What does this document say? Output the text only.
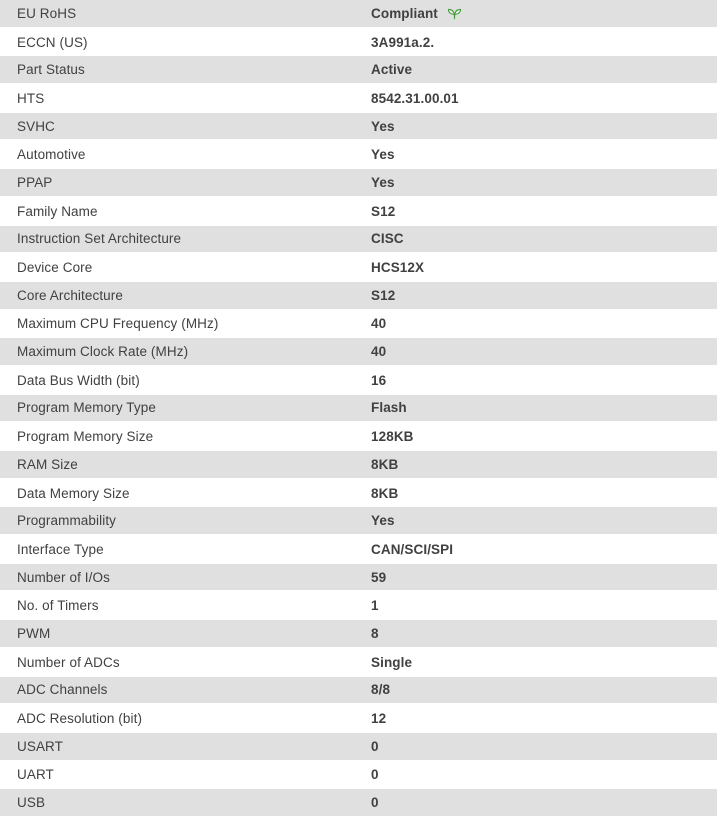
EU RoHS	Compliant
ECCN (US)	3A991a.2.
Part Status	Active
HTS	8542.31.00.01
SVHC	Yes
Automotive	Yes
PPAP	Yes
Family Name	S12
Instruction Set Architecture	CISC
Device Core	HCS12X
Core Architecture	S12
Maximum CPU Frequency (MHz)	40
Maximum Clock Rate (MHz)	40
Data Bus Width (bit)	16
Program Memory Type	Flash
Program Memory Size	128KB
RAM Size	8KB
Data Memory Size	8KB
Programmability	Yes
Interface Type	CAN/SCI/SPI
Number of I/Os	59
No. of Timers	1
PWM	8
Number of ADCs	Single
ADC Channels	8/8
ADC Resolution (bit)	12
USART	0
UART	0
USB	0
